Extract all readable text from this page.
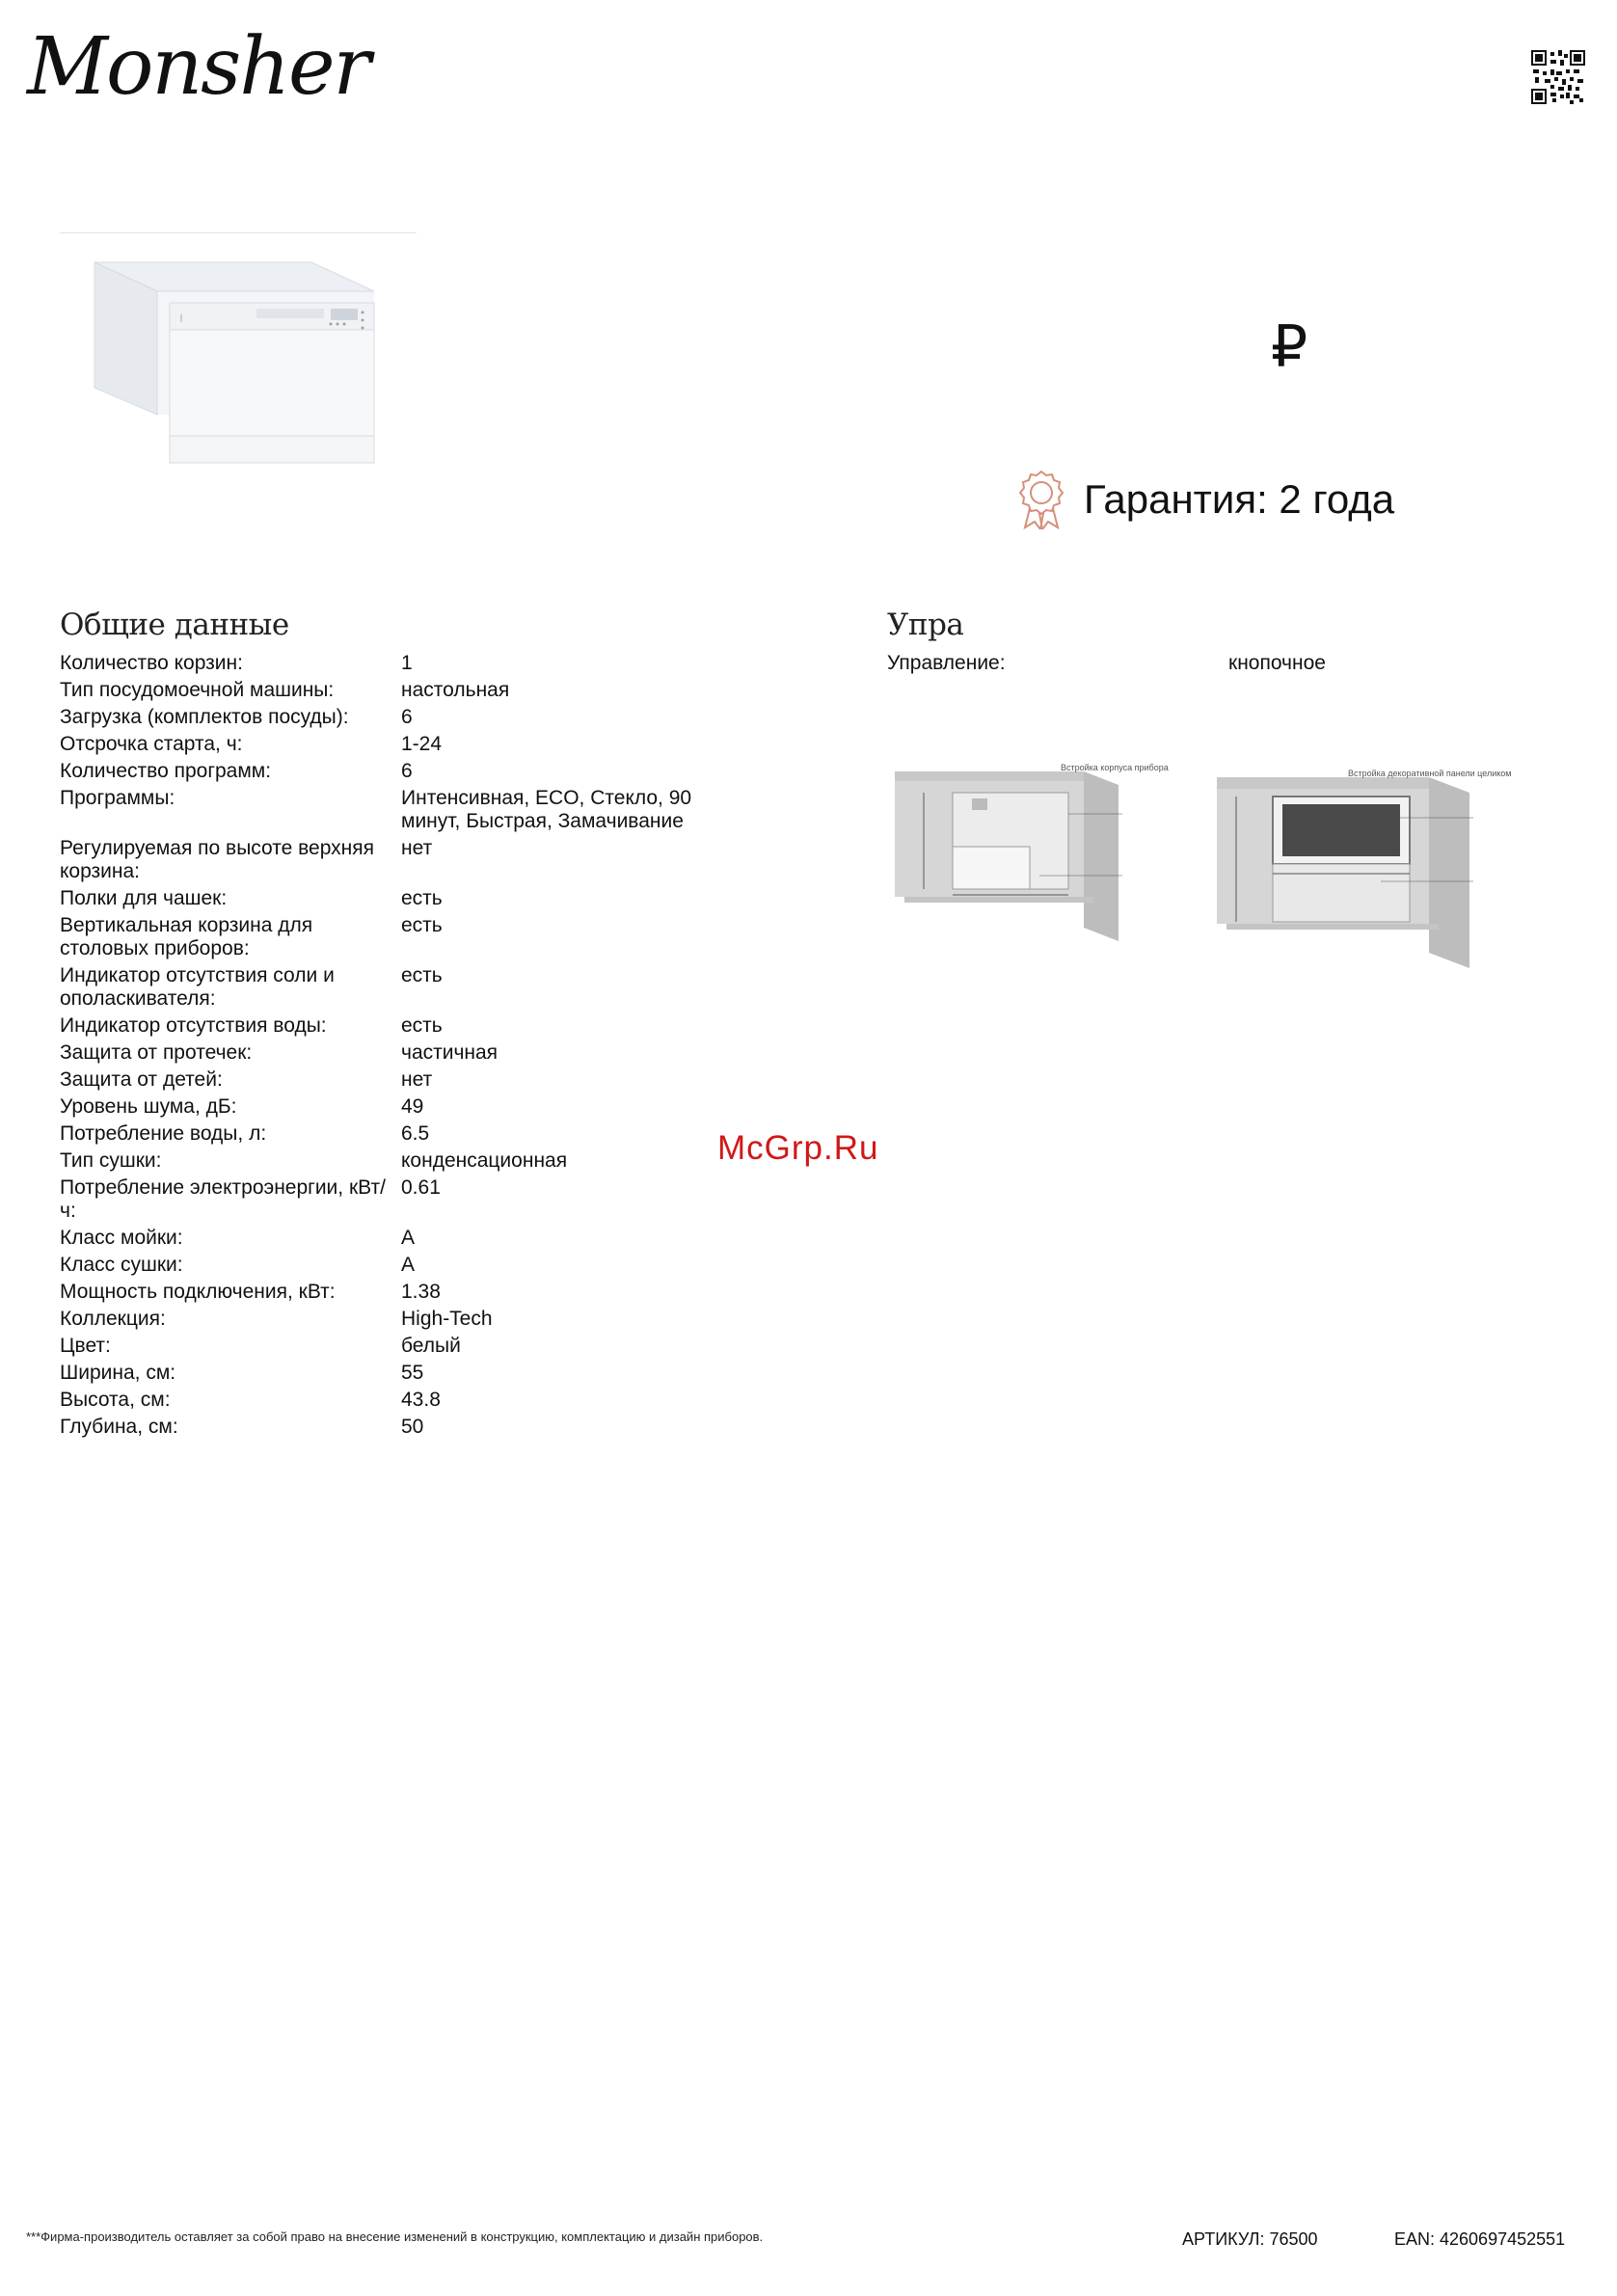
Monsher
₽
Гарантия: 2 года
Общие данные
Количество корзин:	1
Тип посудомоечной машины:	настольная
Загрузка (комплектов посуды):	6
Отсрочка старта, ч:	1-24
Количество программ:	6
Программы:	Интенсивная, ECO, Стекло, 90 минут, Быстрая, Замачивание
Регулируемая по высоте верхняя корзина:
нет
Полки для чашек:	есть
Вертикальная корзина для столовых приборов:
есть
Индикатор отсутствия соли и ополаскивателя:
есть
Индикатор отсутствия воды:	есть
Защита от протечек:	частичная
Защита от детей:	нет
Уровень шума, дБ:	49
Потребление воды, л:	6.5
Тип сушки:	конденсационная
Потребление электроэнергии, кВт/ч:
0.61
Класс мойки:	A
Класс сушки:	A
Мощность подключения, кВт:	1.38
Коллекция:	High-Tech
Цвет:	белый
Ширина, см:	55
Высота, см:	43.8
Глубина, см:	50
Упра
Управление:	кнопочное
Встройка корпуса прибора
Встройка декоративной панели целиком
McGrp.Ru
***Фирма-производитель оставляет за собой право на внесение изменений в конструкцию, комплектацию и дизайн приборов.	АРТИКУЛ: 76500	EAN: 4260697452551
